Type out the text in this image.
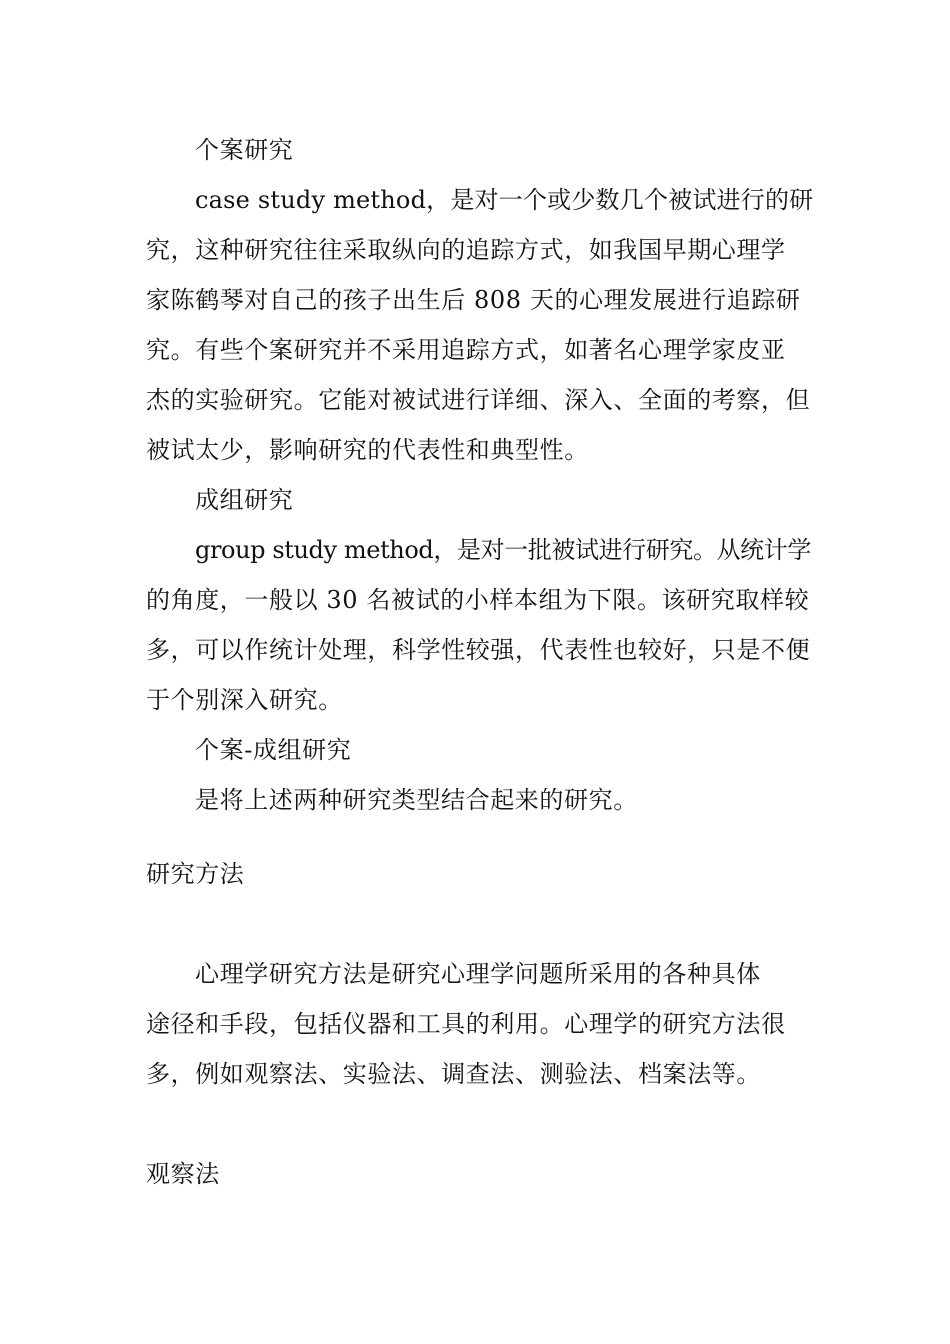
个案研究
case study method，是对一个或少数几个被试进行的研
究，这种研究往往采取纵向的追踪方式，如我国早期心理学
家陈鹤琴对自己的孩子出生后 808 天的心理发展进行追踪研
究。有些个案研究并不采用追踪方式，如著名心理学家皮亚
杰的实验研究。它能对被试进行详细、深入、全面的考察，但
被试太少，影响研究的代表性和典型性。
成组研究
group study method，是对一批被试进行研究。从统计学
的角度，一般以 30 名被试的小样本组为下限。该研究取样较
多，可以作统计处理，科学性较强，代表性也较好，只是不便
于个别深入研究。
个案-成组研究
是将上述两种研究类型结合起来的研究。
研究方法
心理学研究方法是研究心理学问题所采用的各种具体
途径和手段，包括仪器和工具的利用。心理学的研究方法很
多，例如观察法、实验法、调查法、测验法、档案法等。
观察法
